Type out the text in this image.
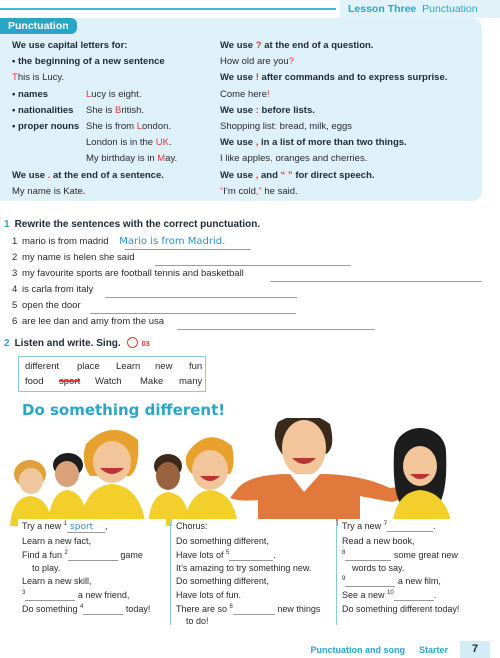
Lesson Three Punctuation
Punctuation
We use capital letters for:
• the beginning of a new sentence
This is Lucy.
• names	Lucy is eight.
• nationalities She is British.
• proper nouns She is from London.
London is in the UK.
My birthday is in May.
We use . at the end of a sentence.
My name is Kate.
We use ? at the end of a question.
How old are you?
We use ! after commands and to express surprise.
Come here!
We use : before lists.
Shopping list: bread, milk, eggs
We use , in a list of more than two things.
I like apples, oranges and cherries.
We use , and “ ” for direct speech.
“I’m cold,” he said.
1 Rewrite the sentences with the correct punctuation.
1 mario is from madrid Mario is from Madrid.
2 my name is helen she said
3 my favourite sports are football tennis and basketball
4 is carla from italy
5 open the door
6 are lee dan and amy from the usa
2 Listen and write. Sing.	03
different place Learn new fun
food sport Watch Make many
Do something different!
Try a new $^1$ sport ,
Learn a new fact,
Find a fun $^2$	game
to play.
Learn a new skill,
$^3$	a new friend,
Do something $^4$	today!
Chorus:
Do something different,
Have lots of $^5$	.
It’s amazing to try something new.
Do something different,
Have lots of fun.
There are so $^6$	new things
to do!
Try a new $^7$	.
Read a new book,
$^8$	some great new
words to say.
$^9$	a new film,
See a new $^{10}$	.
Do something different today!
Punctuation and song Starter	7
